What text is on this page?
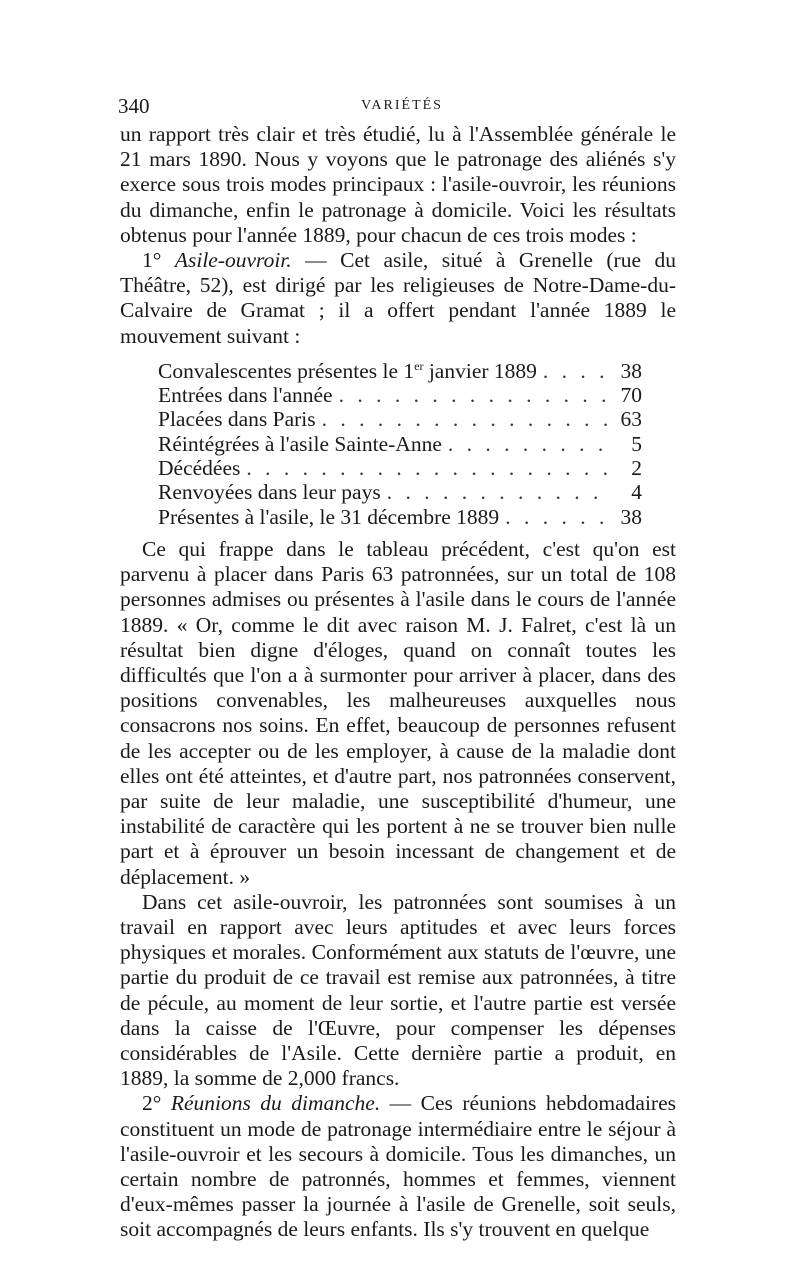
340	VARIÉTÉS

un rapport très clair et très étudié, lu à l'Assemblée générale le 21 mars 1890. Nous y voyons que le patronage des aliénés s'y exerce sous trois modes principaux : l'asile-ouvroir, les réunions du dimanche, enfin le patronage à domicile. Voici les résultats obtenus pour l'année 1889, pour chacun de ces trois modes :

1° Asile-ouvroir. — Cet asile, situé à Grenelle (rue du Théâtre, 52), est dirigé par les religieuses de Notre-Dame-du-Calvaire de Gramat ; il a offert pendant l'année 1889 le mouvement suivant :

Convalescentes présentes le 1er janvier 1889 . . .	38
Entrées dans l'année . . .	70
Placées dans Paris . . .	63
Réintégrées à l'asile Sainte-Anne . . .	5
Décédées . . .	2
Renvoyées dans leur pays . . .	4
Présentes à l'asile, le 31 décembre 1889 . . .	38

Ce qui frappe dans le tableau précédent, c'est qu'on est parvenu à placer dans Paris 63 patronnées, sur un total de 108 personnes admises ou présentes à l'asile dans le cours de l'année 1889. « Or, comme le dit avec raison M. J. Falret, c'est là un résultat bien digne d'éloges, quand on connaît toutes les difficultés que l'on a à surmonter pour arriver à placer, dans des positions convenables, les malheureuses auxquelles nous consacrons nos soins. En effet, beaucoup de personnes refusent de les accepter ou de les employer, à cause de la maladie dont elles ont été atteintes, et d'autre part, nos patronnées conservent, par suite de leur maladie, une susceptibilité d'humeur, une instabilité de caractère qui les portent à ne se trouver bien nulle part et à éprouver un besoin incessant de changement et de déplacement. »

Dans cet asile-ouvroir, les patronnées sont soumises à un travail en rapport avec leurs aptitudes et avec leurs forces physiques et morales. Conformément aux statuts de l'œuvre, une partie du produit de ce travail est remise aux patronnées, à titre de pécule, au moment de leur sortie, et l'autre partie est versée dans la caisse de l'Œuvre, pour compenser les dépenses considérables de l'Asile. Cette dernière partie a produit, en 1889, la somme de 2,000 francs.

2° Réunions du dimanche. — Ces réunions hebdomadaires constituent un mode de patronage intermédiaire entre le séjour à l'asile-ouvroir et les secours à domicile. Tous les dimanches, un certain nombre de patronnés, hommes et femmes, viennent d'eux-mêmes passer la journée à l'asile de Grenelle, soit seuls, soit accompagnés de leurs enfants. Ils s'y trouvent en quelque
